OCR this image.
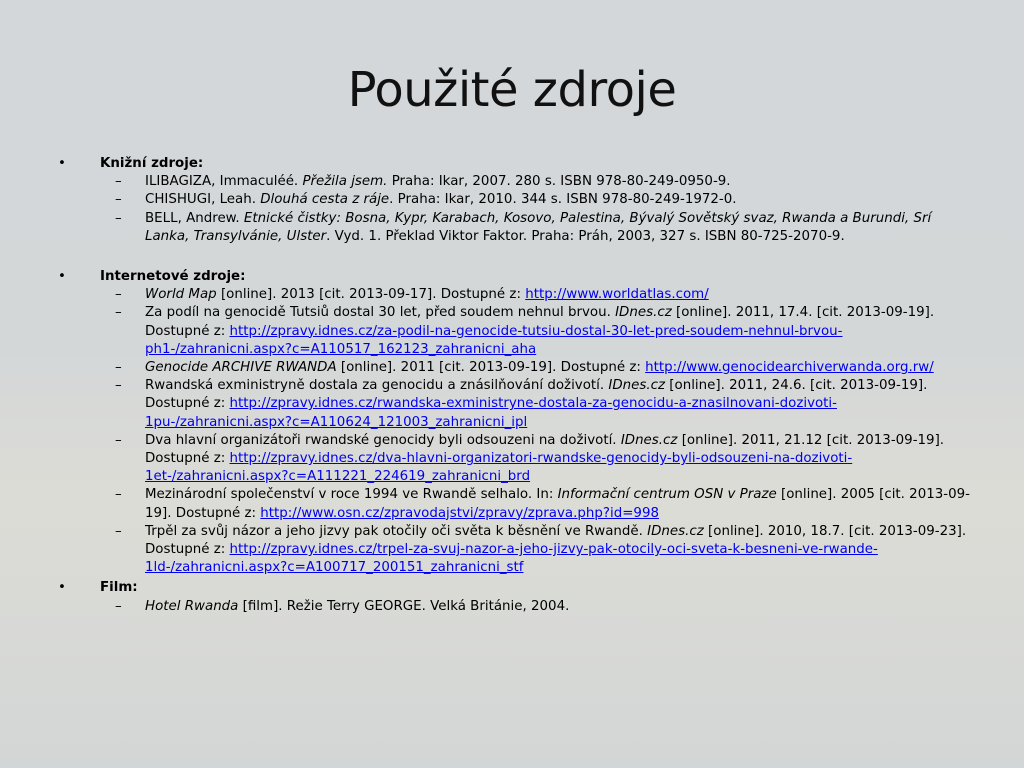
Použité zdroje
•	Knižní zdroje:
– ILIBAGIZA, Immaculéé. Přežila jsem. Praha: Ikar, 2007. 280 s. ISBN 978-80-249-0950-9.
– CHISHUGI, Leah. Dlouhá cesta z ráje. Praha: Ikar, 2010. 344 s. ISBN 978-80-249-1972-0.
– BELL, Andrew. Etnické čistky: Bosna, Kypr, Karabach, Kosovo, Palestina, Bývalý Sovětský svaz, Rwanda a Burundi, Srí Lanka, Transylvánie, Ulster. Vyd. 1. Překlad Viktor Faktor. Praha: Práh, 2003, 327 s. ISBN 80-725-2070-9.
•	Internetové zdroje:
– World Map [online]. 2013 [cit. 2013-09-17]. Dostupné z: http://www.worldatlas.com/
– Za podíl na genocidě Tutsiů dostal 30 let, před soudem nehnul brvou. IDnes.cz [online]. 2011, 17.4. [cit. 2013-09-19]. Dostupné z: http://zpravy.idnes.cz/za-podil-na-genocide-tutsiu-dostal-30-let-pred-soudem-nehnul-brvou-ph1-/zahranicni.aspx?c=A110517_162123_zahranicni_aha
– Genocide ARCHIVE RWANDA [online]. 2011 [cit. 2013-09-19]. Dostupné z: http://www.genocidearchiverwanda.org.rw/
– Rwandská exministryně dostala za genocidu a znásilňování doživotí. IDnes.cz [online]. 2011, 24.6. [cit. 2013-09-19]. Dostupné z: http://zpravy.idnes.cz/rwandska-exministryne-dostala-za-genocidu-a-znasilnovani-dozivoti-1pu-/zahranicni.aspx?c=A110624_121003_zahranicni_ipl
– Dva hlavní organizátoři rwandské genocidy byli odsouzeni na doživotí. IDnes.cz [online]. 2011, 21.12 [cit. 2013-09-19]. Dostupné z: http://zpravy.idnes.cz/dva-hlavni-organizatori-rwandske-genocidy-byli-odsouzeni-na-dozivoti-1et-/zahranicni.aspx?c=A111221_224619_zahranicni_brd
– Mezinárodní společenství v roce 1994 ve Rwandě selhalo. In: Informační centrum OSN v Praze [online]. 2005 [cit. 2013-09-19]. Dostupné z: http://www.osn.cz/zpravodajstvi/zpravy/zprava.php?id=998
– Trpěl za svůj názor a jeho jizvy pak otočily oči světa k běsnění ve Rwandě. IDnes.cz [online]. 2010, 18.7. [cit. 2013-09-23]. Dostupné z: http://zpravy.idnes.cz/trpel-za-svuj-nazor-a-jeho-jizvy-pak-otocily-oci-sveta-k-besneni-ve-rwande-1ld-/zahranicni.aspx?c=A100717_200151_zahranicni_stf
•	Film:
– Hotel Rwanda [film]. Režie Terry GEORGE. Velká Británie, 2004.
